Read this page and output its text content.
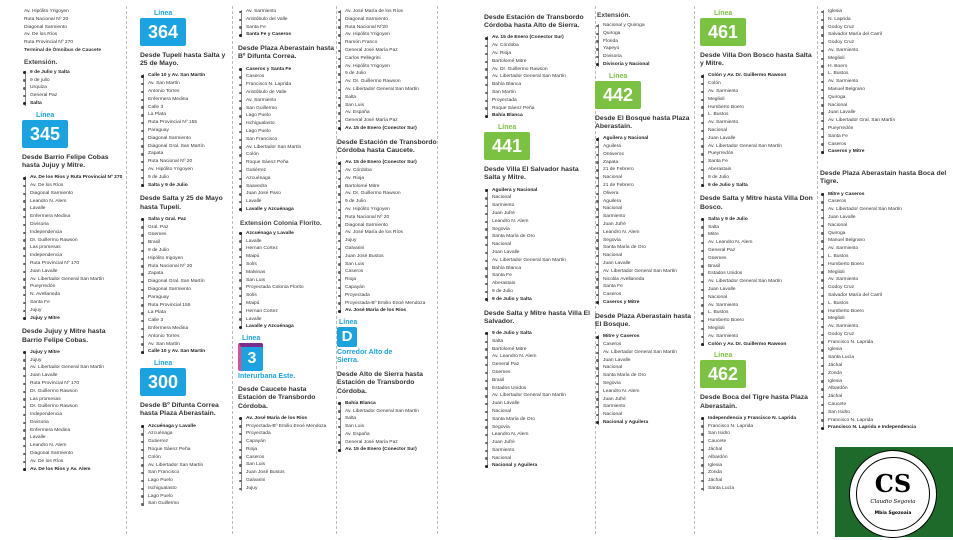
Av. Hipólito Yrigoyen
Ruta Nacional Nº 20
Diagonal Sarmiento
Av. De los Ríos
Ruta Provincial Nº 270
Terminal de Ómnibus de Caucete
Extensión.
9 de Julio y Salta
9 de julio
Urquiza
General Paz
Salta
Línea
345
Desde Barrio Felipe Cobas hasta Jujuy y Mitre.
Av. De los Ríos y Ruta Provincial Nº 270
Av. De los Ríos
Diagonal Sarmiento
Leandro N. Alem
Lavalle
Enfermera Medina
Divisoria
Independencia
Dr. Guillermo Rawson
Las promesas
Independencia
Ruta Provincial Nº 170
Juan Lavalle
Av. Libertador General San Martín
Pueyrredón
N. Avellaneda
Santa Fe
Jujuy
Jujuy y Mitre
Desde Jujuy y Mitre hasta Barrio Felipe Cobas.
Jujuy y Mitre
Jujuy
Av. Libertador General San Martín
Juan Lavalle
Ruta Provincial Nº 170
Dr. Guillermo Rawson
Las promesas
Dr. Guillermo Rawson
Independencia
Divisoria
Enfermera Medina
Lavalle
Leandro N. Alem
Diagonal Sarmiento
Av. De los Ríos
Av. De los Ríos y Av. Alem
Línea
364
Desde Tupelí hasta Salta y 25 de Mayo.
Calle 10 y Av. San Martín
Av. San Martín
Antonio Torres
Enfermera Medina
Calle 3
La Plata
Ruta Provincial Nº 155
Paraguay
Diagonal Sarmiento
Diagonal Gral. San Martín
Zapata
Ruta Nacional Nº 20
Av. Hipólito Yrigoyen
9 de Julio
Salta y 9 de Julio
Desde Salta y 25 de Mayo hasta Tupelí.
Salta y Gral. Paz
Gral. Paz
Güemes
Brasil
9 de Julio
Hipólito Irigoyen
Ruta Nacional Nº 20
Zapata
Diagonal Gral. San Martín
Diagonal Sarmiento
Paraguay
Ruta Provincial 155
La Plata
Calle 3
Enfermera Medina
Antonio Torres
Av. San Martín
Calle 10 y Av. San Martín
Línea
300
Desde Bº Difunta Correa hasta Plaza Aberastain.
Azcuénaga y Lavalle
Azcuénaga
Gutierrez
Roque Sáenz Peña
Colón
Av. Libertador San Martín
San Francisco
Lago Puelo
Ischigualasto
Lago Puelo
San Guillermo
Av. Sarmiento
Aristóbulo del Valle
Santa Fe
Santa Fe y Caseros
Desde Plaza Aberastain hasta Bº Difunta Correa.
Caseros y Santa Fe
Caseros
Francisco N. Laprida
Aristóbulo de Valle
Av. Sarmiento
San Guillermo
Lago Puelo
Ischigualasto
Lago Puelo
San Francisco
Av. Libertador San Martín
Colón
Roque Sáenz Peña
Gutiérrez
Azcuénaga
Saavedra
Juan José Paso
Lavalle
Lavalle y Azcuénaga
Extensión Colonia Florito.
Azcuénaga y Lavalle
Lavalle
Hernan Cortez
Maipú
Solís
Malvinas
San Luis
Proyectada Colonia Florito
Solís
Maipú
Hernan Cortez
Lavalle
Lavalle y Azcuénaga
Línea
3
Interurbana Este.
Desde Caucete hasta Estación de Transbordo Córdoba.
Av. José María de los Ríos
Proyectada-Bº Emilio Enoé Mendoza
Proyectada
Capayán
Rioja
Caseros
San Luis
Juan José Bustos
Galvarini
Jujuy
Av. José María de los Ríos
Diagonal Sarmiento
Ruta Nacional Nº20
Av. Hipólito Yrigoyen
Ramón Franco
General José María Paz
Carlos Pellegrini
Av. Hipólito Yrigoyen
9 de Julio
Av. Dr. Guillermo Rawson
Av. Libertador General San Martín
Salta
San Luis
Av. España
General José María Paz
Av. 15 de Enero (Conector Sur)
Desde Estación de Transbordo Córdoba hasta Caucete.
Av. 15 de Enero (Conector Sur)
Av. Córdoba
Av. Rioja
Bartolomé Mitre
Av. Dr. Guillermo Rawson
9 de Julio
Av. Hipólito Yrigoyen
Ruta Nacional Nº 20
Diagonal Sarmiento
Av. José María de los Ríos
Jujuy
Galvarini
Juan José Bustos
San Luis
Caseros
Rioja
Capayán
Proyectada
Proyectada-Bº Emilio Enoé Mendoza
Av. José María de los Ríos
Línea
D
Corredor Alto de Sierra.
Desde Alto de Sierra hasta Estación de Transbordo Córdoba.
Bahía Blanca
Av. Libertador General San Martín
Salta
San Luis
Av. España
General José María Paz
Av. 15 de Enero (Conector Sur)
Desde Estación de Transbordo Córdoba hasta Alto de Sierra.
Av. 15 de Enero (Conector Sur)
Av. Córdoba
Av. Rioja
Bartolomé Mitre
Av. Dr. Guillermo Rawson
Av. Libertador General San Martín
Bahía Blanca
San Martín
Proyectada
Roque Sáenz Peña
Bahía Blanca
Línea
441
Desde Villa El Salvador hasta Salta y Mitre.
Aguilera y Nacional
Nacional
Sarmiento
Juan Jufré
Leandro N. Alem
Segovia
Santa María de Oro
Nacional
Juan Lavalle
Av. Libertador General San Martín
Bahía Blanca
Santa Fe
Aberastain
9 de Julio
9 de Julio y Salta
Desde Salta y Mitre hasta Villa El Salvador.
9 de Julio y Salta
Salta
Bartolomé Mitre
Av. Leandro N. Alem
General Paz
Güemes
Brasil
Estados Unidos
Av. Libertador General San Martín
Juan Lavalle
Nacional
Santa María de Oro
Segovia
Leandro N. Alem
Juan Jufré
Sarmiento
Nacional
Nacional y Aguilera
Extensión.
Nacional y Quiroga
Quiroga
Florida
Yapeyú
Divisoria
Divisoria y Nacional
Línea
442
Desde El Bosque hasta Plaza Aberastain.
Aguilera y Nacional
Aguilera
Ontiveros
Zapata
21 de Febrero
Nacional
21 de Febrero
Olivera
Aguilera
Nacional
Sarmiento
Juan Jufré
Leandro N. Alem
Segovia
Santa María de Oro
Nacional
Juan Lavalle
Av. Libertador General San Martín
Nicolás Avellaneda
Santa Fe
Caseros
Caseros y Mitre
Desde Plaza Aberastain hasta El Bosque.
Mitre y Caseros
Caseros
Av. Libertador General San Martín
Juan Lavalle
Nacional
Santa María de Oro
Segovia
Leandro N. Alem
Juan Jufré
Sarmiento
Nacional
Nacional y Aguilera
Línea
461
Desde Villa Don Bosco hasta Salta y Mitre.
Colón y Av. Dr. Guillermo Rawson
Colón
Av. Sarmiento
Meglioli
Humberto Boero
L. Bustos
Av. Sarmiento
Nacional
Juan Lavalle
Av. Libertador General San Martín
Pueyrredón
Santa Fe
Aberastain
9 de Julio
9 de Julio y Salta
Desde Salta y Mitre hasta Villa Don Bosco.
Salta y 9 de Julio
Salta
Mitre
Av. Leandro N. Alem
General Paz
Güemes
Brasil
Estados Unidos
Av. Libertador General San Martín
Juan Lavalle
Nacional
Av. Sarmiento
L. Bustos
Humberto Boero
Meglioli
Av. Sarmiento
Colón y Av. Dr. Guillermo Rawson
Línea
462
Desde Boca del Tigre hasta Plaza Aberastain.
Independencia y Francisco N. Laprida
Francisco N. Laprida
San Isidro
Caucete
Jáchal
Albardón
Iglesia
Zonda
Jáchal
Santa Lucía
Iglesia
N. Laprida
Godoy Cruz
Salvador María del Carril
Godoy Cruz
Av. Sarmiento
Meglioli
H. Boero
L. Bustos
Av. Sarmiento
Manuel Belgrano
Quiroga
Nacional
Juan Lavalle
Av. Libertador Gral. San Martín
Pueyrredón
Santa Fe
Caseros
Caseros y Mitre
Desde Plaza Aberastain hasta Boca del Tigre.
Mitre y Caseros
Caseros
Av. Libertador General San Martín
Juan Lavalle
Nacional
Quiroga
Manuel Belgrano
Av. Sarmiento
L. Bustos
Humberto Boero
Meglioli
Av. Sarmiento
Godoy Cruz
Salvador María del Carril
L. Bustos
Humberto Boero
Meglioli
Av. Sarmiento
Godoy Cruz
Francisco N. Laprida
Iglesia
Santa Lucía
Jáchal
Zonda
Iglesia
Albardón
Jáchal
Caucete
San Isidro
Francisco N. Laprida
Francisco N. Laprida e Independencia
CS
Claudio Segovia
Mbia Sgozoaia
